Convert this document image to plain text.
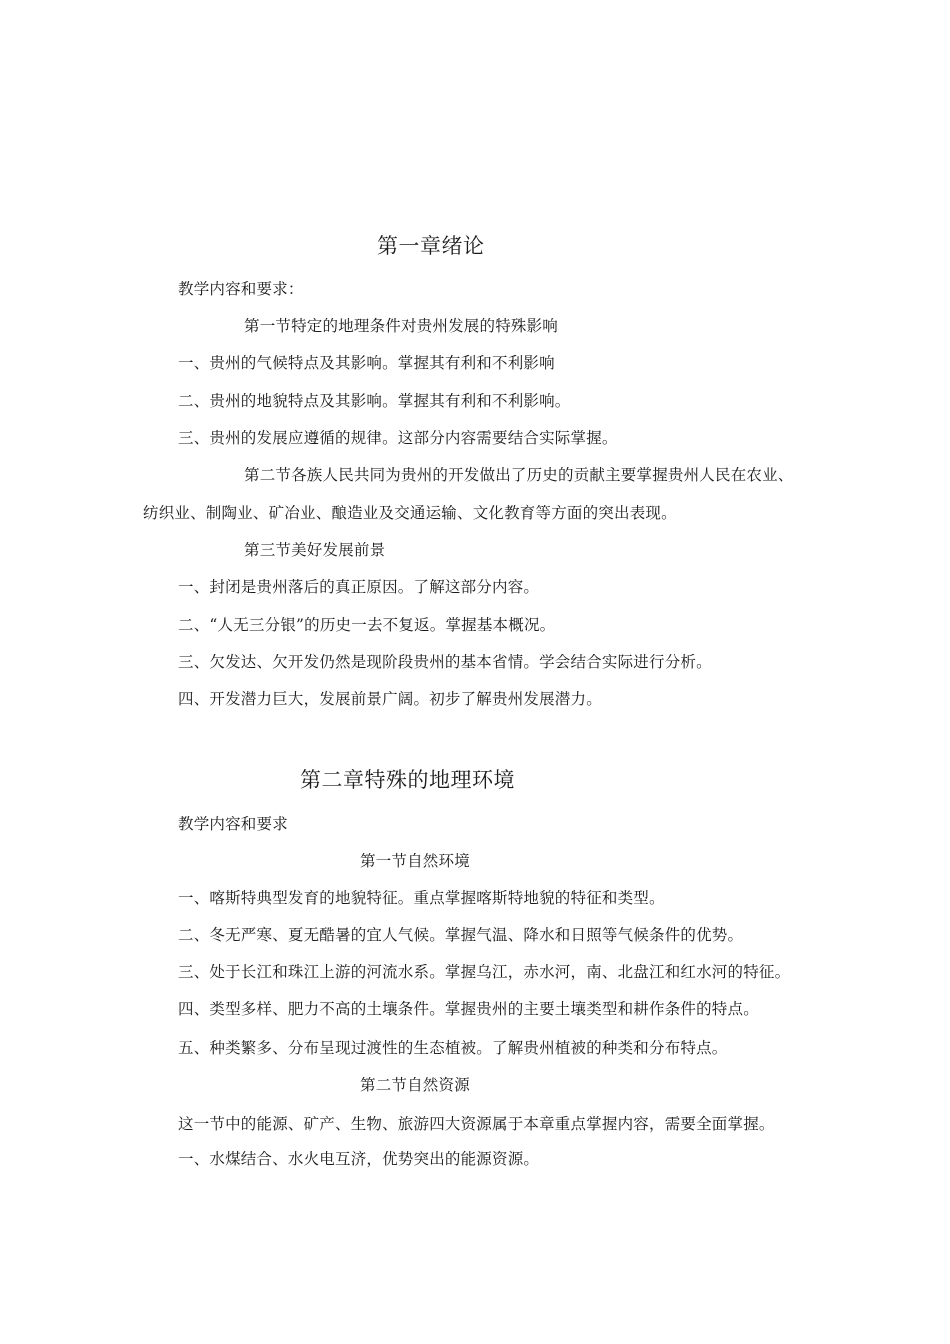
第一章绪论
教学内容和要求：
第一节特定的地理条件对贵州发展的特殊影响
一、贵州的气候特点及其影响。掌握其有利和不利影响
二、贵州的地貌特点及其影响。掌握其有利和不利影响。
三、贵州的发展应遵循的规律。这部分内容需要结合实际掌握。
第二节各族人民共同为贵州的开发做出了历史的贡献主要掌握贵州人民在农业、
纺织业、制陶业、矿冶业、酿造业及交通运输、文化教育等方面的突出表现。
第三节美好发展前景
一、封闭是贵州落后的真正原因。了解这部分内容。
二、“人无三分银”的历史一去不复返。掌握基本概况。
三、欠发达、欠开发仍然是现阶段贵州的基本省情。学会结合实际进行分析。
四、开发潜力巨大，发展前景广阔。初步了解贵州发展潜力。
第二章特殊的地理环境
教学内容和要求
第一节自然环境
一、喀斯特典型发育的地貌特征。重点掌握喀斯特地貌的特征和类型。
二、冬无严寒、夏无酷暑的宜人气候。掌握气温、降水和日照等气候条件的优势。
三、处于长江和珠江上游的河流水系。掌握乌江，赤水河，南、北盘江和红水河的特征。
四、类型多样、肥力不高的土壤条件。掌握贵州的主要土壤类型和耕作条件的特点。
五、种类繁多、分布呈现过渡性的生态植被。了解贵州植被的种类和分布特点。
第二节自然资源
这一节中的能源、矿产、生物、旅游四大资源属于本章重点掌握内容，需要全面掌握。
一、水煤结合、水火电互济，优势突出的能源资源。
